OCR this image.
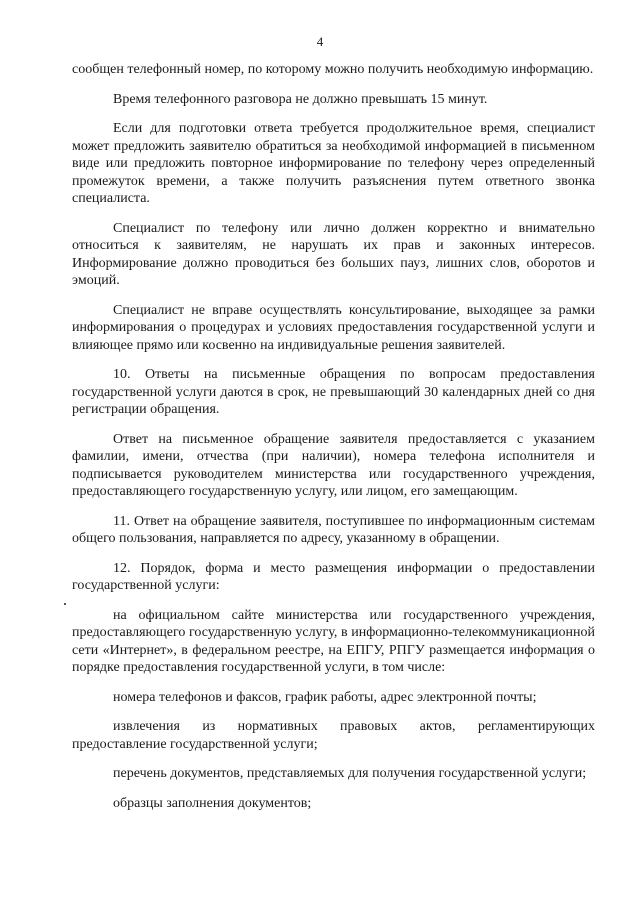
4

сообщен телефонный номер, по которому можно получить необходимую информацию.

Время телефонного разговора не должно превышать 15 минут.

Если для подготовки ответа требуется продолжительное время, специалист может предложить заявителю обратиться за необходимой информацией в письменном виде или предложить повторное информирование по телефону через определенный промежуток времени, а также получить разъяснения путем ответного звонка специалиста.

Специалист по телефону или лично должен корректно и внимательно относиться к заявителям, не нарушать их прав и законных интересов. Информирование должно проводиться без больших пауз, лишних слов, оборотов и эмоций.

Специалист не вправе осуществлять консультирование, выходящее за рамки информирования о процедурах и условиях предоставления государственной услуги и влияющее прямо или косвенно на индивидуальные решения заявителей.

10. Ответы на письменные обращения по вопросам предоставления государственной услуги даются в срок, не превышающий 30 календарных дней со дня регистрации обращения.

Ответ на письменное обращение заявителя предоставляется с указанием фамилии, имени, отчества (при наличии), номера телефона исполнителя и подписывается руководителем министерства или государственного учреждения, предоставляющего государственную услугу, или лицом, его замещающим.

11. Ответ на обращение заявителя, поступившее по информационным системам общего пользования, направляется по адресу, указанному в обращении.

12. Порядок, форма и место размещения информации о предоставлении государственной услуги:

на официальном сайте министерства или государственного учреждения, предоставляющего государственную услугу, в информационно-телекоммуникационной сети «Интернет», в федеральном реестре, на ЕПГУ, РПГУ размещается информация о порядке предоставления государственной услуги, в том числе:

номера телефонов и факсов, график работы, адрес электронной почты;

извлечения из нормативных правовых актов, регламентирующих предоставление государственной услуги;

перечень документов, представляемых для получения государственной услуги;

образцы заполнения документов;
